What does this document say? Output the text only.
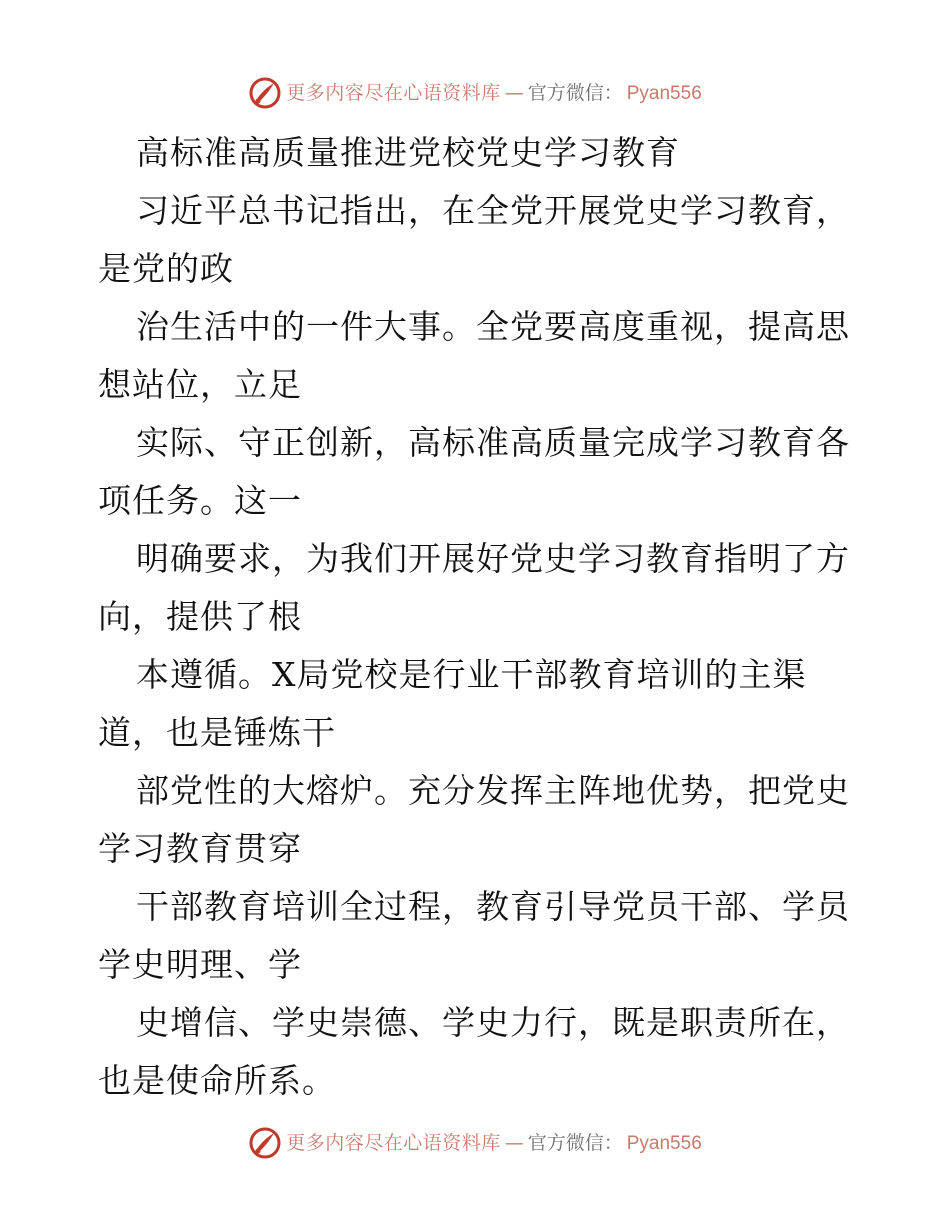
更多内容尽在心语资料库 — 官方微信： Pyan556
高标准高质量推进党校党史学习教育
习近平总书记指出，在全党开展党史学习教育，
是党的政
治生活中的一件大事。全党要高度重视，提高思
想站位，立足
实际、守正创新，高标准高质量完成学习教育各
项任务。这一
明确要求，为我们开展好党史学习教育指明了方
向，提供了根
本遵循。X局党校是行业干部教育培训的主渠
道，也是锤炼干
部党性的大熔炉。充分发挥主阵地优势，把党史
学习教育贯穿
干部教育培训全过程，教育引导党员干部、学员
学史明理、学
史增信、学史崇德、学史力行，既是职责所在，
也是使命所系。
更多内容尽在心语资料库 — 官方微信： Pyan556
